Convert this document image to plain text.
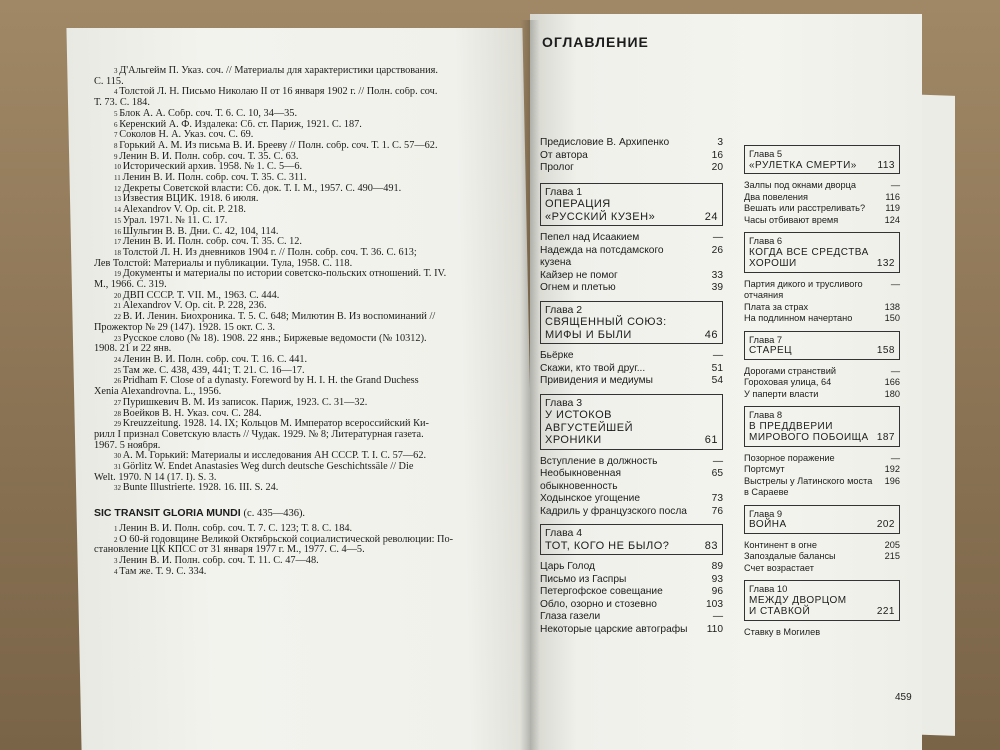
$^3$ Д'Альгейм П. Указ. соч. // Материалы для характеристики царствования.
С. 115.
$^4$ Толстой Л. Н. Письмо Николаю II от 16 января 1902 г. // Полн. собр. соч.
Т. 73. С. 184.
$^5$ Блок А. А. Собр. соч. Т. 6. С. 10, 34—35.
$^6$ Керенский А. Ф. Издалека: Сб. ст. Париж, 1921. С. 187.
$^7$ Соколов Н. А. Указ. соч. С. 69.
$^8$ Горький А. М. Из письма В. И. Брееву // Полн. собр. соч. Т. 1. С. 57—62.
$^9$ Ленин В. И. Полн. собр. соч. Т. 35. С. 63.
$^{10}$ Исторический архив. 1958. № 1. С. 5—6.
$^{11}$ Ленин В. И. Полн. собр. соч. Т. 35. С. 311.
$^{12}$ Декреты Советской власти: Сб. док. Т. I. М., 1957. С. 490—491.
$^{13}$ Известия ВЦИК. 1918. 6 июля.
$^{14}$ Alexandrov V. Op. cit. P. 218.
$^{15}$ Урал. 1971. № 11. С. 17.
$^{16}$ Шульгин В. В. Дни. С. 42, 104, 114.
$^{17}$ Ленин В. И. Полн. собр. соч. Т. 35. С. 12.
$^{18}$ Толстой Л. Н. Из дневников 1904 г. // Полн. собр. соч. Т. 36. С. 613;
Лев Толстой: Материалы и публикации. Тула, 1958. С. 118.
$^{19}$ Документы и материалы по истории советско-польских отношений. Т. IV.
М., 1966. С. 319.
$^{20}$ ДВП СССР. Т. VII. М., 1963. С. 444.
$^{21}$ Alexandrov V. Op. cit. P. 228, 236.
$^{22}$ В. И. Ленин. Биохроника. Т. 5. С. 648; Милютин В. Из воспоминаний //
Прожектор № 29 (147). 1928. 15 окт. С. 3.
$^{23}$ Русское слово (№ 18). 1908. 22 янв.; Биржевые ведомости (№ 10312).
1908. 21 и 22 янв.
$^{24}$ Ленин В. И. Полн. собр. соч. Т. 16. С. 441.
$^{25}$ Там же. С. 438, 439, 441; Т. 21. С. 16—17.
$^{26}$ Pridham F. Close of a dynasty. Foreword by H. I. H. the Grand Duchess
Xenia Alexandrovna. L., 1956.
$^{27}$ Пуришкевич В. М. Из записок. Париж, 1923. С. 31—32.
$^{28}$ Воейков В. Н. Указ. соч. С. 284.
$^{29}$ Kreuzzeitung. 1928. 14. IX; Кольцов М. Император всероссийский Ки-
рилл I признал Советскую власть // Чудак. 1929. № 8; Литературная газета.
1967. 5 ноября.
$^{30}$ А. М. Горький: Материалы и исследования АН СССР. Т. I. С. 57—62.
$^{31}$ Görlitz W. Endet Anastasies Weg durch deutsche Geschichtssäle // Die
Welt. 1970. N 14 (17. I). S. 3.
$^{32}$ Bunte Illustrierte. 1928. 16. III. S. 24.
SIC TRANSIT GLORIA MUNDI (с. 435—436).
$^1$ Ленин В. И. Полн. собр. соч. Т. 7. С. 123; Т. 8. С. 184.
$^2$ О 60-й годовщине Великой Октябрьской социалистической революции: По-
становление ЦК КПСС от 31 января 1977 г. М., 1977. С. 4—5.
$^3$ Ленин В. И. Полн. собр. соч. Т. 11. С. 47—48.
$^4$ Там же. Т. 9. С. 334.
ОГЛАВЛЕНИЕ
Предисловие В. Архипенко	3
От автора	16
Пролог	20
Глава 1
ОПЕРАЦИЯ
«РУССКИЙ КУЗЕН»	24
Пепел над Исаакием	—
Надежда на потсдамского кузена
26
Кайзер не помог	33
Огнем и плетью	39
Глава 2
СВЯЩЕННЫЙ СОЮЗ:
МИФЫ И БЫЛИ	46
Бьёрке	—
Скажи, кто твой друг...	51
Привидения и медиумы	54
Глава 3
У ИСТОКОВ
АВГУСТЕЙШЕЙ
ХРОНИКИ	61
Вступление в должность	—
Необыкновенная обыкновенность
65
Ходынское угощение	73
Кадриль у французского посла	76
Глава 4
ТОТ, КОГО НЕ БЫЛО?	83
Царь Голод	89
Письмо из Гаспры	93
Петергофское совещание	96
Обло, озорно и стозевно	103
Глаза газели	—
Некоторые царские автографы	110
Глава 5
«РУЛЕТКА СМЕРТИ»	113
Залпы под окнами дворца	—
Два повеления	116
Вешать или расстреливать?	119
Часы отбивают время	124
Глава 6
КОГДА ВСЕ СРЕДСТВА
ХОРОШИ	132
Партия дикого и трусливого отчаяния
—
Плата за страх	138
На подлинном начертано	150
Глава 7
СТАРЕЦ	158
Дорогами странствий	—
Гороховая улица, 64	166
У паперти власти	180
Глава 8
В ПРЕДДВЕРИИ
МИРОВОГО ПОБОИЩА 187
Позорное поражение	—
Портсмут	192
Выстрелы у Латинского моста в Сараеве
196
Глава 9
ВОЙНА	202
Континент в огне	205
Запоздалые балансы	215
Счет возрастает
Глава 10
МЕЖДУ ДВОРЦОМ
И СТАВКОЙ	221
Ставку в Могилев
459
